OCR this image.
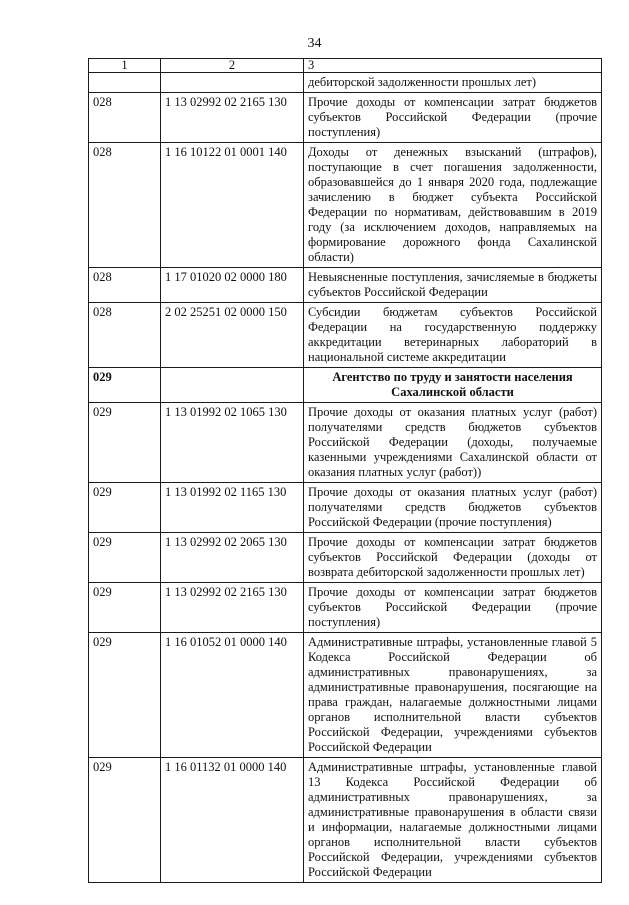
34
1	2	3
		дебиторской задолженности прошлых лет)
028	1 13 02992 02 2165 130	Прочие доходы от компенсации затрат бюджетов субъектов Российской Федерации (прочие поступления)
028	1 16 10122 01 0001 140	Доходы от денежных взысканий (штрафов), поступающие в счет погашения задолженности, образовавшейся до 1 января 2020 года, подлежащие зачислению в бюджет субъекта Российской Федерации по нормативам, действовавшим в 2019 году (за исключением доходов, направляемых на формирование дорожного фонда Сахалинской области)
028	1 17 01020 02 0000 180	Невыясненные поступления, зачисляемые в бюджеты субъектов Российской Федерации
028	2 02 25251 02 0000 150	Субсидии бюджетам субъектов Российской Федерации на государственную поддержку аккредитации ветеринарных лабораторий в национальной системе аккредитации
029		Агентство по труду и занятости населения Сахалинской области
029	1 13 01992 02 1065 130	Прочие доходы от оказания платных услуг (работ) получателями средств бюджетов субъектов Российской Федерации (доходы, получаемые казенными учреждениями Сахалинской области от оказания платных услуг (работ))
029	1 13 01992 02 1165 130	Прочие доходы от оказания платных услуг (работ) получателями средств бюджетов субъектов Российской Федерации (прочие поступления)
029	1 13 02992 02 2065 130	Прочие доходы от компенсации затрат бюджетов субъектов Российской Федерации (доходы от возврата дебиторской задолженности прошлых лет)
029	1 13 02992 02 2165 130	Прочие доходы от компенсации затрат бюджетов субъектов Российской Федерации (прочие поступления)
029	1 16 01052 01 0000 140	Административные штрафы, установленные главой 5 Кодекса Российской Федерации об административных правонарушениях, за административные правонарушения, посягающие на права граждан, налагаемые должностными лицами органов исполнительной власти субъектов Российской Федерации, учреждениями субъектов Российской Федерации
029	1 16 01132 01 0000 140	Административные штрафы, установленные главой 13 Кодекса Российской Федерации об административных правонарушениях, за административные правонарушения в области связи и информации, налагаемые должностными лицами органов исполнительной власти субъектов Российской Федерации, учреждениями субъектов Российской Федерации
